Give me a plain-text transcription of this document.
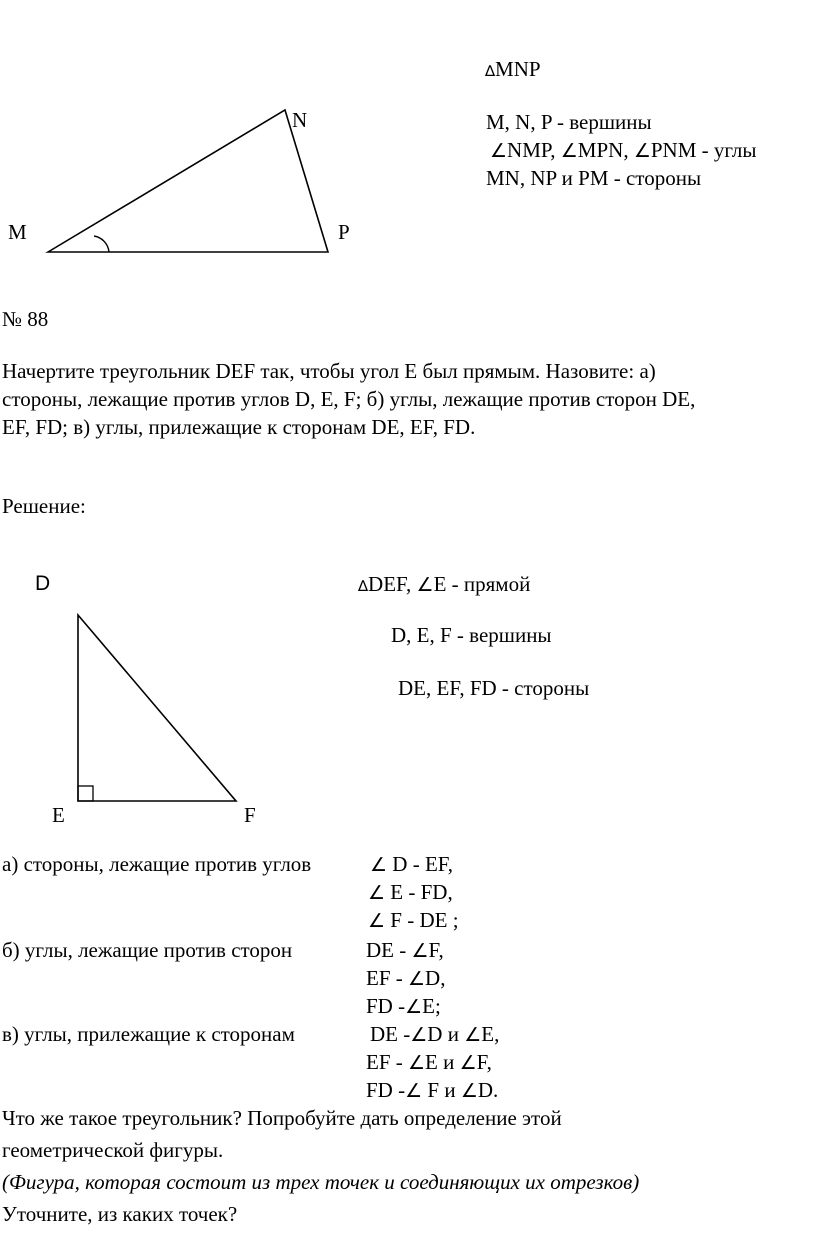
M
N
P
∆MNP
M, N, P - вершины
∠NMP, ∠MPN, ∠PNM - углы
MN, NP и PM - стороны
№ 88
Начертите треугольник DEF так, чтобы угол E был прямым. Назовите: а)
стороны, лежащие против углов D, E, F; б) углы, лежащие против сторон DE,
EF, FD; в) углы, прилежащие к сторонам DE, EF, FD.
Решение:
D
E	F
∆DEF, ∠E - прямой
D, E, F - вершины
DE, EF, FD - стороны
а) стороны, лежащие против углов	∠ D - EF,
∠ E - FD,
∠ F - DE ;
б) углы, лежащие против сторон	DE - ∠F,
EF - ∠D,
FD -∠E;
в) углы, прилежащие к сторонам	DE -∠D и ∠E,
EF - ∠E и ∠F,
FD -∠ F и ∠D.
Что же такое треугольник? Попробуйте дать определение этой
геометрической фигуры.
(Фигура, которая состоит из трех точек и соединяющих их отрезков)
Уточните, из каких точек?
